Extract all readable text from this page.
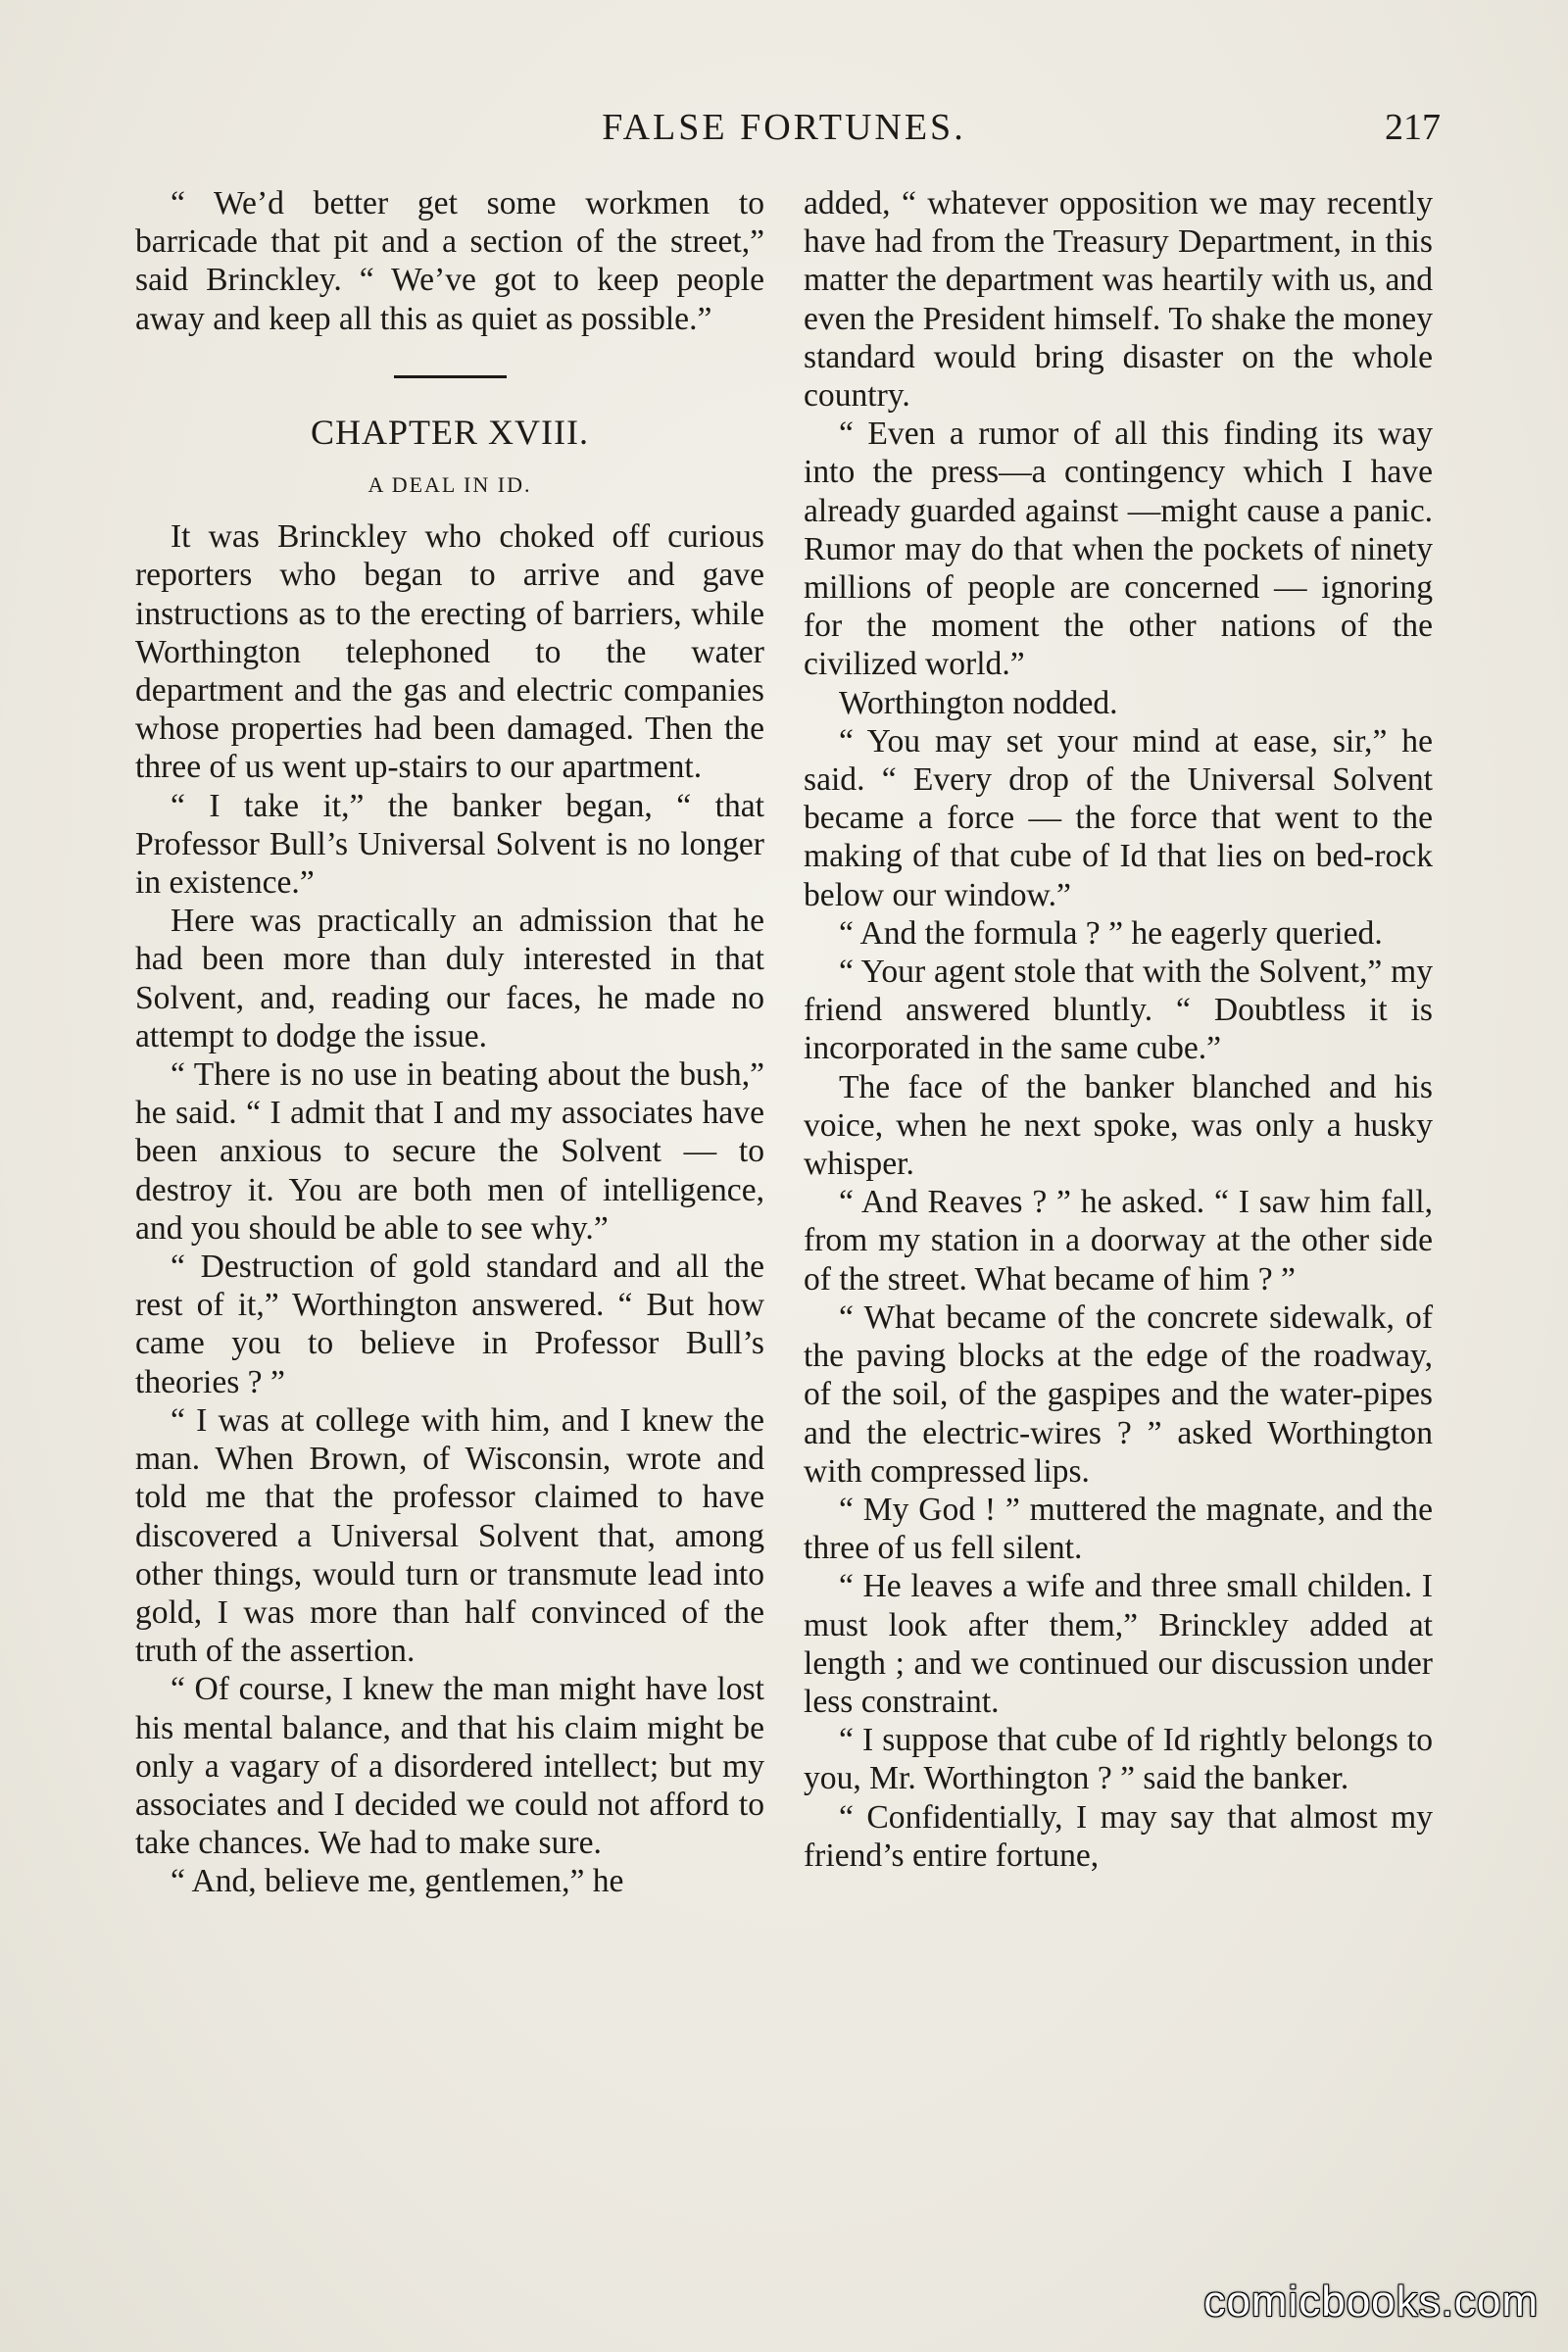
FALSE FORTUNES.	217

“ We’d better get some workmen to barricade that pit and a section of the street,” said Brinckley. “ We’ve got to keep people away and keep all this as quiet as possible.”

CHAPTER XVIII.
A DEAL IN ID.

It was Brinckley who choked off curious reporters who began to arrive and gave instructions as to the erecting of barriers, while Worthington telephoned to the water department and the gas and electric companies whose properties had been damaged. Then the three of us went up-stairs to our apartment.

“ I take it,” the banker began, “ that Professor Bull’s Universal Solvent is no longer in existence.”

Here was practically an admission that he had been more than duly interested in that Solvent, and, reading our faces, he made no attempt to dodge the issue.

“ There is no use in beating about the bush,” he said. “ I admit that I and my associates have been anxious to secure the Solvent — to destroy it. You are both men of intelligence, and you should be able to see why.”

“ Destruction of gold standard and all the rest of it,” Worthington answered. “ But how came you to believe in Professor Bull’s theories ? ”

“ I was at college with him, and I knew the man. When Brown, of Wisconsin, wrote and told me that the professor claimed to have discovered a Universal Solvent that, among other things, would turn or transmute lead into gold, I was more than half convinced of the truth of the assertion.

“ Of course, I knew the man might have lost his mental balance, and that his claim might be only a vagary of a disordered intellect; but my associates and I decided we could not afford to take chances. We had to make sure.

“ And, believe me, gentlemen,” he

added, “ whatever opposition we may recently have had from the Treasury Department, in this matter the department was heartily with us, and even the President himself. To shake the money standard would bring disaster on the whole country.

“ Even a rumor of all this finding its way into the press—a contingency which I have already guarded against —might cause a panic. Rumor may do that when the pockets of ninety millions of people are concerned — ignoring for the moment the other nations of the civilized world.”

Worthington nodded.

“ You may set your mind at ease, sir,” he said. “ Every drop of the Universal Solvent became a force — the force that went to the making of that cube of Id that lies on bed-rock below our window.”

“ And the formula ? ” he eagerly queried.

“ Your agent stole that with the Solvent,” my friend answered bluntly. “ Doubtless it is incorporated in the same cube.”

The face of the banker blanched and his voice, when he next spoke, was only a husky whisper.

“ And Reaves ? ” he asked. “ I saw him fall, from my station in a doorway at the other side of the street. What became of him ? ”

“ What became of the concrete sidewalk, of the paving blocks at the edge of the roadway, of the soil, of the gaspipes and the water-pipes and the electric-wires ? ” asked Worthington with compressed lips.

“ My God ! ” muttered the magnate, and the three of us fell silent.

“ He leaves a wife and three small childen. I must look after them,” Brinckley added at length ; and we continued our discussion under less constraint.

“ I suppose that cube of Id rightly belongs to you, Mr. Worthington ? ” said the banker.

“ Confidentially, I may say that almost my friend’s entire fortune,

comicbooks.com
